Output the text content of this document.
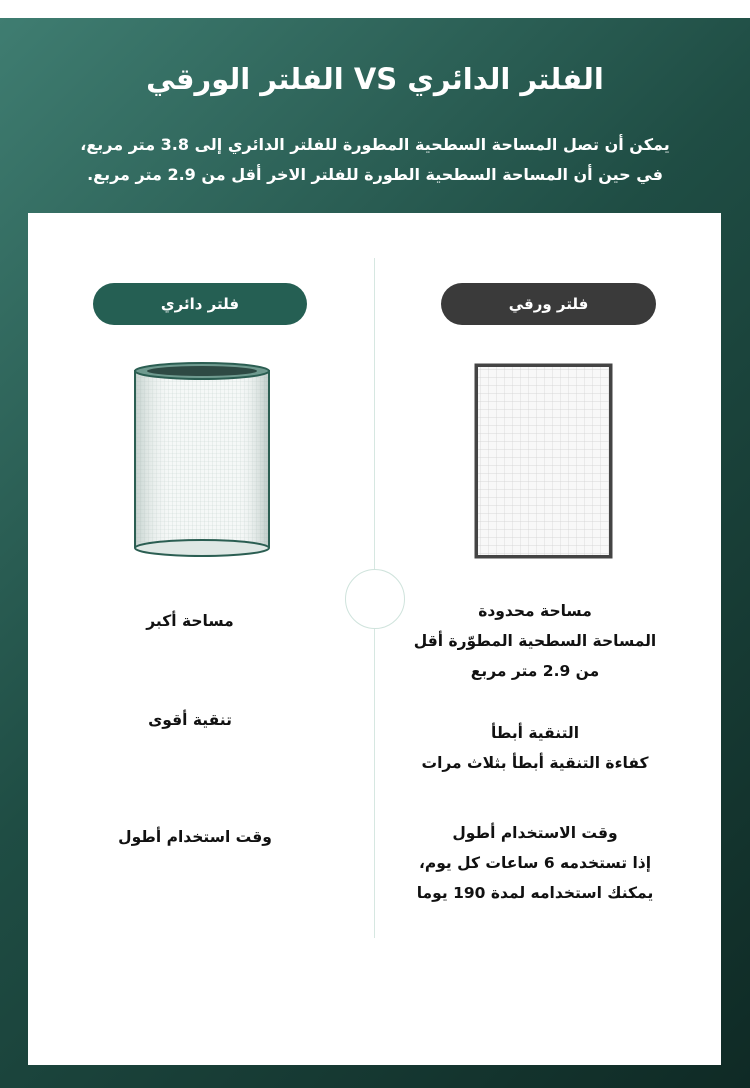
الفلتر الدائري VS الفلتر الورقي
يمكن أن تصل المساحة السطحية المطورة للفلتر الدائري إلى 3.8 متر مربع،
في حين أن المساحة السطحية الطورة للفلتر الاخر أقل من 2.9 متر مربع.
فلتر دائري	فلتر ورقي
مساحة أكبر
تنقية أقوى
وقت استخدام أطول
مساحة محدودة
المساحة السطحية المطوّرة أقل
من 2.9 متر مربع
التنقية أبطأ
كفاءة التنقية أبطأ بثلاث مرات
وقت الاستخدام أطول
إذا تستخدمه 6 ساعات كل يوم،
يمكنك استخدامه لمدة 190 يوما
